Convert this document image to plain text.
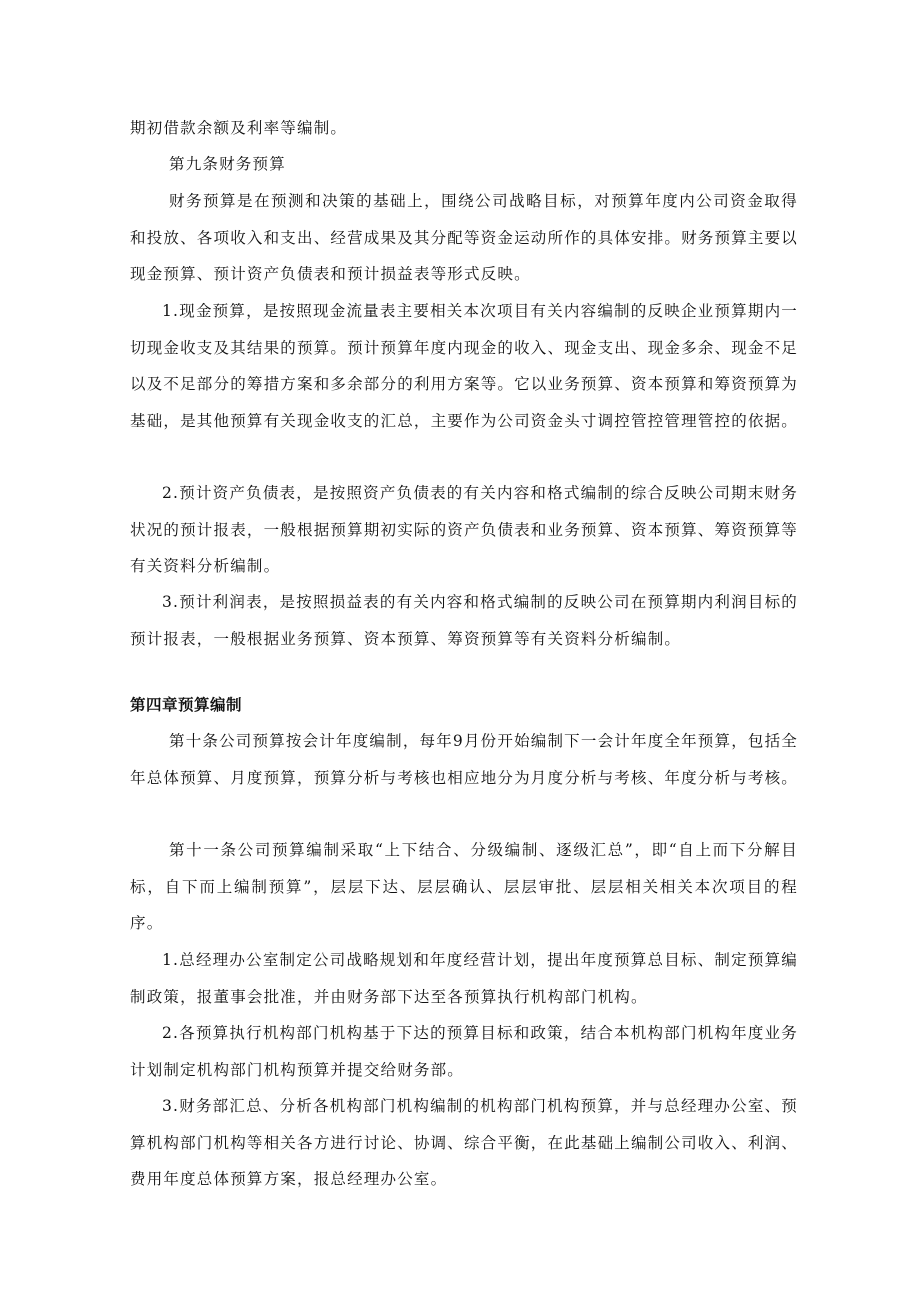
期初借款余额及利率等编制。

第九条财务预算

财务预算是在预测和决策的基础上，围绕公司战略目标，对预算年度内公司资金取得和投放、各项收入和支出、经营成果及其分配等资金运动所作的具体安排。财务预算主要以现金预算、预计资产负债表和预计损益表等形式反映。

1.现金预算，是按照现金流量表主要相关本次项目有关内容编制的反映企业预算期内一切现金收支及其结果的预算。预计预算年度内现金的收入、现金支出、现金多余、现金不足以及不足部分的筹措方案和多余部分的利用方案等。它以业务预算、资本预算和筹资预算为基础，是其他预算有关现金收支的汇总，主要作为公司资金头寸调控管控管理管控的依据。

2.预计资产负债表，是按照资产负债表的有关内容和格式编制的综合反映公司期末财务状况的预计报表，一般根据预算期初实际的资产负债表和业务预算、资本预算、筹资预算等有关资料分析编制。

3.预计利润表，是按照损益表的有关内容和格式编制的反映公司在预算期内利润目标的预计报表，一般根据业务预算、资本预算、筹资预算等有关资料分析编制。

第四章预算编制

第十条公司预算按会计年度编制，每年9月份开始编制下一会计年度全年预算，包括全年总体预算、月度预算，预算分析与考核也相应地分为月度分析与考核、年度分析与考核。

第十一条公司预算编制采取“上下结合、分级编制、逐级汇总”，即“自上而下分解目标，自下而上编制预算”，层层下达、层层确认、层层审批、层层相关相关本次项目的程序。

1.总经理办公室制定公司战略规划和年度经营计划，提出年度预算总目标、制定预算编制政策，报董事会批准，并由财务部下达至各预算执行机构部门机构。

2.各预算执行机构部门机构基于下达的预算目标和政策，结合本机构部门机构年度业务计划制定机构部门机构预算并提交给财务部。

3.财务部汇总、分析各机构部门机构编制的机构部门机构预算，并与总经理办公室、预算机构部门机构等相关各方进行讨论、协调、综合平衡，在此基础上编制公司收入、利润、费用年度总体预算方案，报总经理办公室。
